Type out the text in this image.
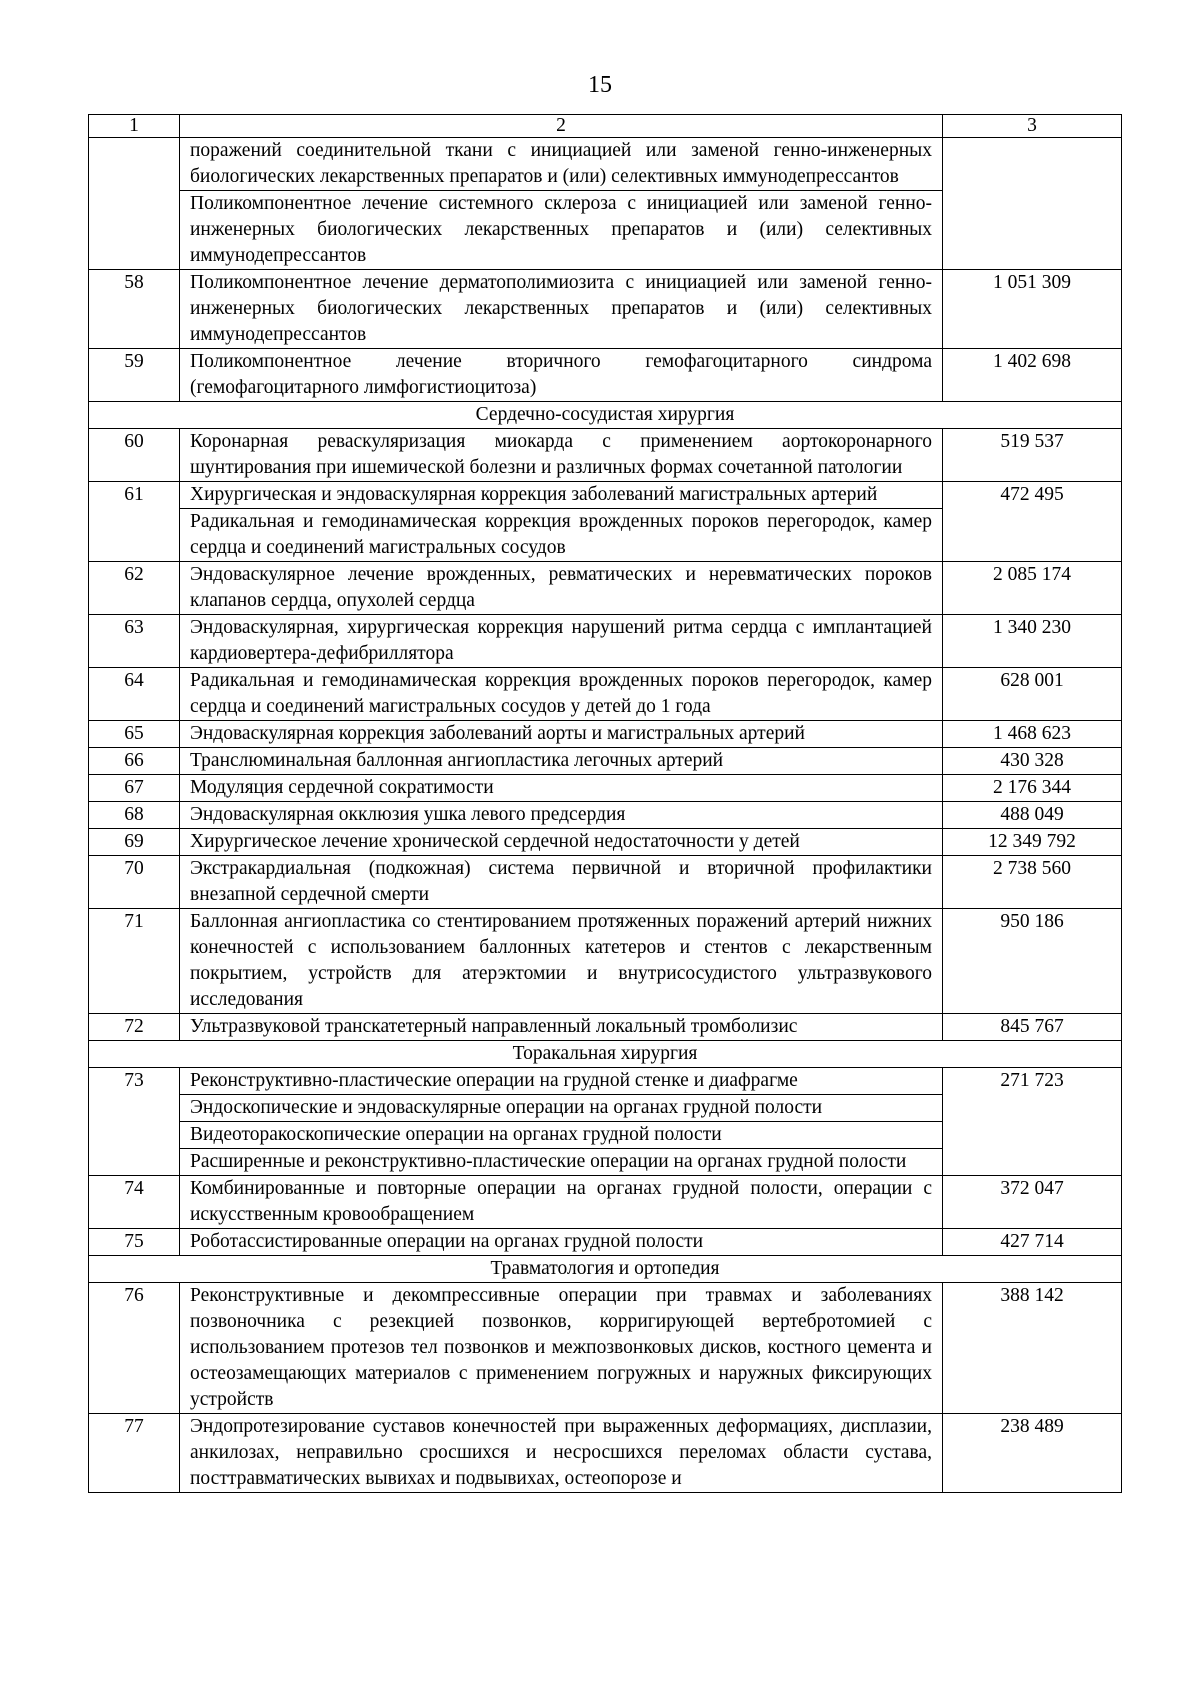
15
1	2	3
	поражений соединительной ткани с инициацией или заменой генно-инженерных биологических лекарственных препаратов и (или) селективных иммунодепрессантов	
	Поликомпонентное лечение системного склероза с инициацией или заменой генно-инженерных биологических лекарственных препаратов и (или) селективных иммунодепрессантов	
58	Поликомпонентное лечение дерматополимиозита с инициацией или заменой генно-инженерных биологических лекарственных препаратов и (или) селективных иммунодепрессантов	1 051 309
59	Поликомпонентное лечение вторичного гемофагоцитарного синдрома (гемофагоцитарного лимфогистиоцитоза)	1 402 698
Сердечно-сосудистая хирургия		
60	Коронарная реваскуляризация миокарда с применением аортокоронарного шунтирования при ишемической болезни и различных формах сочетанной патологии	519 537
61	Хирургическая и эндоваскулярная коррекция заболеваний магистральных артерий	472 495
	Радикальная и гемодинамическая коррекция врожденных пороков перегородок, камер сердца и соединений магистральных сосудов	
62	Эндоваскулярное лечение врожденных, ревматических и неревматических пороков клапанов сердца, опухолей сердца	2 085 174
63	Эндоваскулярная, хирургическая коррекция нарушений ритма сердца с имплантацией кардиовертера-дефибриллятора	1 340 230
64	Радикальная и гемодинамическая коррекция врожденных пороков перегородок, камер сердца и соединений магистральных сосудов у детей до 1 года	628 001
65	Эндоваскулярная коррекция заболеваний аорты и магистральных артерий	1 468 623
66	Транслюминальная баллонная ангиопластика легочных артерий	430 328
67	Модуляция сердечной сократимости	2 176 344
68	Эндоваскулярная окклюзия ушка левого предсердия	488 049
69	Хирургическое лечение хронической сердечной недостаточности у детей	12 349 792
70	Экстракардиальная (подкожная) система первичной и вторичной профилактики внезапной сердечной смерти	2 738 560
71	Баллонная ангиопластика со стентированием протяженных поражений артерий нижних конечностей с использованием баллонных катетеров и стентов с лекарственным покрытием, устройств для атерэктомии и внутрисосудистого ультразвукового исследования	950 186
72	Ультразвуковой транскатетерный направленный локальный тромболизис	845 767
Торакальная хирургия		
73	Реконструктивно-пластические операции на грудной стенке и диафрагме	271 723
	Эндоскопические и эндоваскулярные операции на органах грудной полости	
	Видеоторакоскопические операции на органах грудной полости	
	Расширенные и реконструктивно-пластические операции на органах грудной полости	
74	Комбинированные и повторные операции на органах грудной полости, операции с искусственным кровообращением	372 047
75	Роботассистированные операции на органах грудной полости	427 714
Травматология и ортопедия		
76	Реконструктивные и декомпрессивные операции при травмах и заболеваниях позвоночника с резекцией позвонков, корригирующей вертебротомией с использованием протезов тел позвонков и межпозвонковых дисков, костного цемента и остеозамещающих материалов с применением погружных и наружных фиксирующих устройств	388 142
77	Эндопротезирование суставов конечностей при выраженных деформациях, дисплазии, анкилозах, неправильно сросшихся и несросшихся переломах области сустава, посттравматических вывихах и подвывихах, остеопорозе и	238 489
